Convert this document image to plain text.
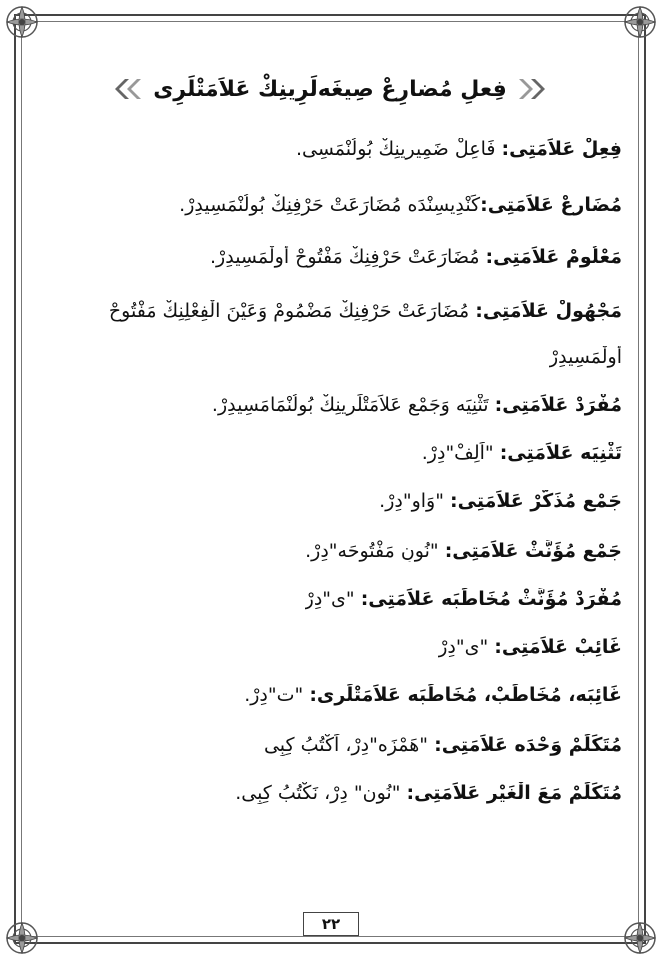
فِعلِ مُضارِعْ صِيغَه‌لَرِينِكْ عَلاَمَتْلَرِى
فِعِلْ عَلاَمَتِى: فَاعِلْ ضَمِيرِينِكْ بُولُنْمَسِى.
مُضَارِعْ عَلاَمَتِى:كَنْدِيسِنْدَه مُضَارَعَتْ حَرْفِنِكْ بُولُنْمَسِيدِرْ.
مَعْلُومْ عَلاَمَتِى: مُضَارَعَتْ حَرْفِنِكْ مَفْتُوحْ أُولْمَسِيدِرْ.
مَجْهُولْ عَلاَمَتِى: مُضَارَعَتْ حَرْفِنِكْ مَضْمُومْ وَعَيْنَ الْفِعْلِنِكْ مَفْتُوحْ
أُولْمَسِيدِرْ
مُفْرَدْ عَلاَمَتِى: تَثْنِيَه وَجَمْع عَلاَمَتْلَرِينِكْ بُولُنْمَامَسِيدِرْ.
تَثْنِيَه عَلاَمَتِى: "اَلِفْ"دِرْ.
جَمْع مُذَكَّرْ عَلاَمَتِى: "وَاو"دِرْ.
جَمْع مُؤَنَّثْ عَلاَمَتِى: "نُونِ مَفْتُوحَه"دِرْ.
مُفْرَدْ مُؤَنَّثْ مُخَاطَبَه عَلاَمَتِى: "ى"دِرْ
غَائِبْ عَلاَمَتِى: "ى"دِرْ
غَائِبَه، مُخَاطَبْ، مُخَاطَبَه عَلاَمَتْلَرِى: "ت"دِرْ.
مُتَكَلِّمْ وَحْدَه عَلاَمَتِى: "هَمْزَه"دِرْ، اَكْتُبُ كِبِى
مُتَكَلِّمْ مَعَ الْغَيْرِ عَلاَمَتِى: "نُون" دِرْ، نَكْتُبُ كِبِى.
٢٢
